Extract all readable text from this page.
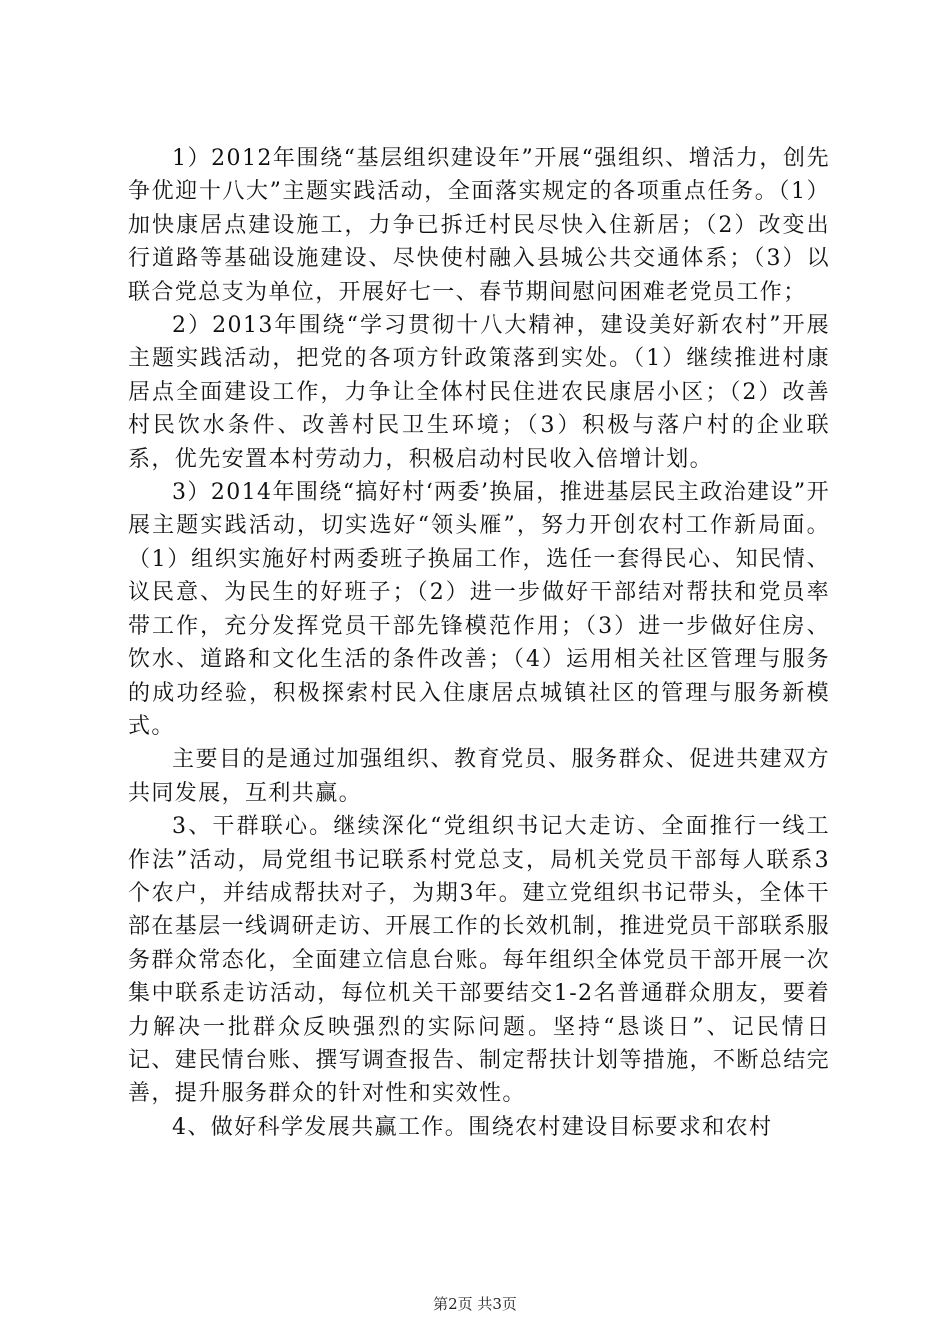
1）2012年围绕“基层组织建设年”开展“强组织、增活力，创先争优迎十八大”主题实践活动，全面落实规定的各项重点任务。（1）加快康居点建设施工，力争已拆迁村民尽快入住新居；（2）改变出行道路等基础设施建设、尽快使村融入县城公共交通体系；（3）以联合党总支为单位，开展好七一、春节期间慰问困难老党员工作；

2）2013年围绕“学习贯彻十八大精神，建设美好新农村”开展主题实践活动，把党的各项方针政策落到实处。（1）继续推进村康居点全面建设工作，力争让全体村民住进农民康居小区；（2）改善村民饮水条件、改善村民卫生环境；（3）积极与落户村的企业联系，优先安置本村劳动力，积极启动村民收入倍增计划。

3）2014年围绕“搞好村‘两委’换届，推进基层民主政治建设”开展主题实践活动，切实选好“领头雁”，努力开创农村工作新局面。（1）组织实施好村两委班子换届工作，选任一套得民心、知民情、议民意、为民生的好班子；（2）进一步做好干部结对帮扶和党员率带工作，充分发挥党员干部先锋模范作用；（3）进一步做好住房、饮水、道路和文化生活的条件改善；（4）运用相关社区管理与服务的成功经验，积极探索村民入住康居点城镇社区的管理与服务新模式。

主要目的是通过加强组织、教育党员、服务群众、促进共建双方共同发展，互利共赢。

3、干群联心。继续深化“党组织书记大走访、全面推行一线工作法”活动，局党组书记联系村党总支，局机关党员干部每人联系3个农户，并结成帮扶对子，为期3年。建立党组织书记带头，全体干部在基层一线调研走访、开展工作的长效机制，推进党员干部联系服务群众常态化，全面建立信息台账。每年组织全体党员干部开展一次集中联系走访活动，每位机关干部要结交1-2名普通群众朋友，要着力解决一批群众反映强烈的实际问题。坚持“恳谈日”、记民情日记、建民情台账、撰写调查报告、制定帮扶计划等措施，不断总结完善，提升服务群众的针对性和实效性。

4、做好科学发展共赢工作。围绕农村建设目标要求和农村

第2页 共3页
